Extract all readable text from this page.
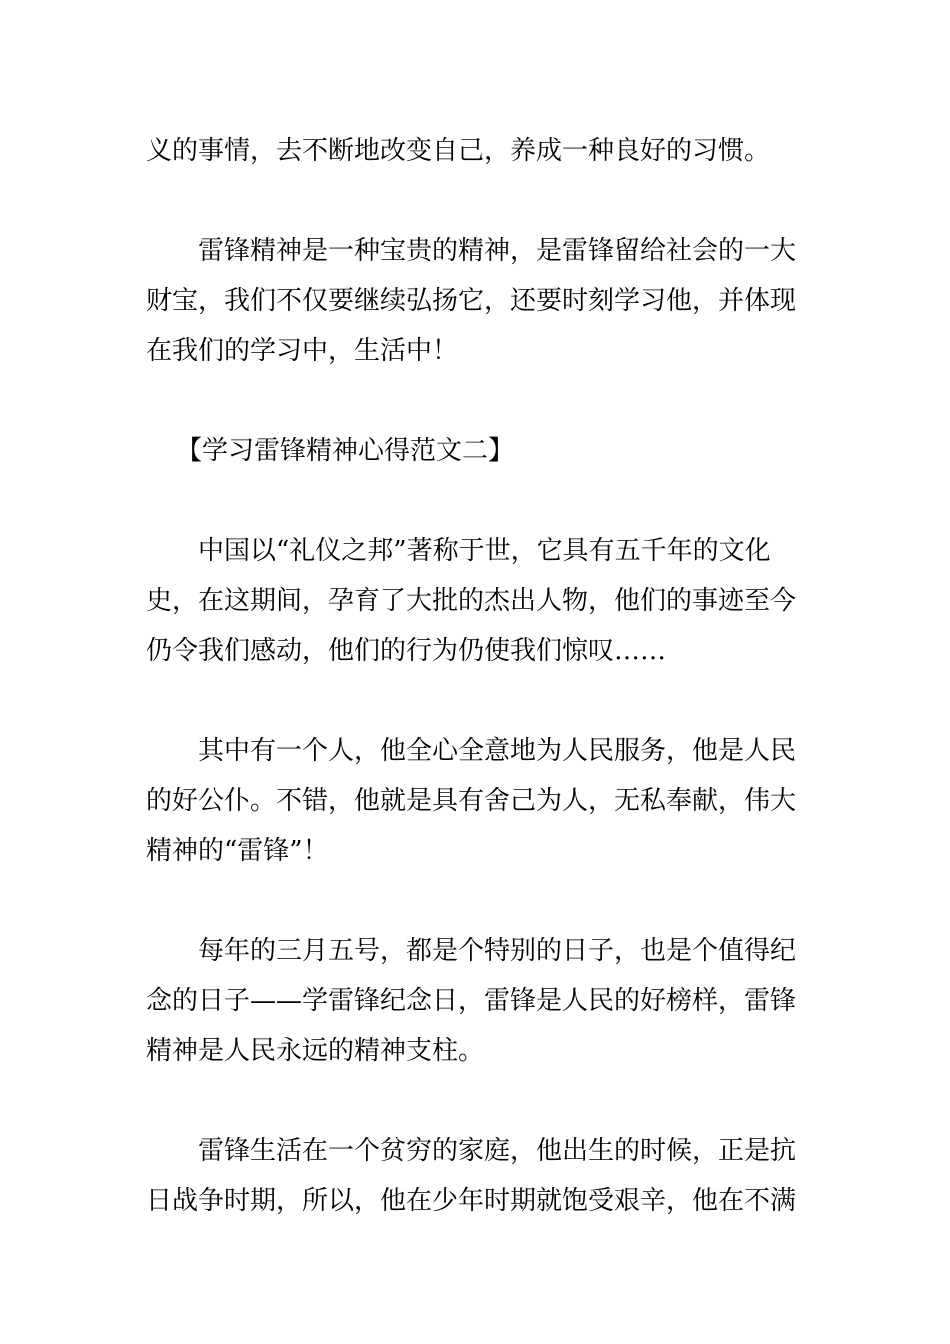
义的事情，去不断地改变自己，养成一种良好的习惯。

雷锋精神是一种宝贵的精神，是雷锋留给社会的一大

财宝，我们不仅要继续弘扬它，还要时刻学习他，并体现

在我们的学习中，生活中！

【学习雷锋精神心得范文二】

中国以“礼仪之邦”著称于世，它具有五千年的文化

史，在这期间，孕育了大批的杰出人物，他们的事迹至今

仍令我们感动，他们的行为仍使我们惊叹……

其中有一个人，他全心全意地为人民服务，他是人民

的好公仆。不错，他就是具有舍己为人，无私奉献，伟大

精神的“雷锋”！

每年的三月五号，都是个特别的日子，也是个值得纪

念的日子——学雷锋纪念日，雷锋是人民的好榜样，雷锋

精神是人民永远的精神支柱。

雷锋生活在一个贫穷的家庭，他出生的时候，正是抗

日战争时期，所以，他在少年时期就饱受艰辛，他在不满
